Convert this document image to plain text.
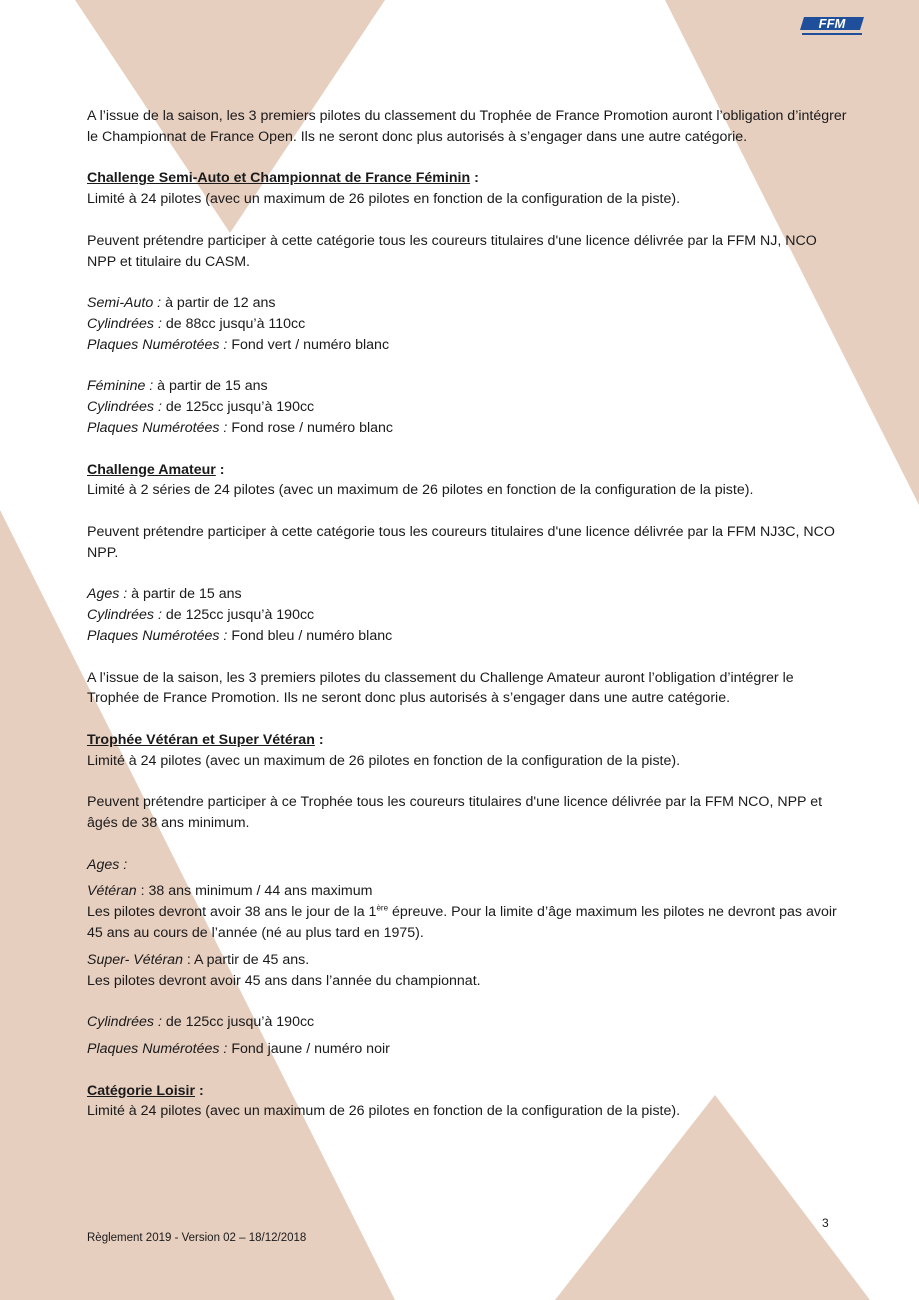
FFM

A l’issue de la saison, les 3 premiers pilotes du classement du Trophée de France Promotion auront l’obligation d’intégrer le Championnat de France Open. Ils ne seront donc plus autorisés à s’engager dans une autre catégorie.

Challenge Semi-Auto et Championnat de France Féminin :

Limité à 24 pilotes (avec un maximum de 26 pilotes en fonction de la configuration de la piste).

Peuvent prétendre participer à cette catégorie tous les coureurs titulaires d'une licence délivrée par la FFM NJ, NCO NPP et titulaire du CASM.

Semi-Auto : à partir de 12 ans

Cylindrées : de 88cc jusqu’à 110cc

Plaques Numérotées : Fond vert / numéro blanc

Féminine : à partir de 15 ans

Cylindrées : de 125cc jusqu’à 190cc

Plaques Numérotées : Fond rose / numéro blanc

Challenge Amateur :

Limité à 2 séries de 24 pilotes (avec un maximum de 26 pilotes en fonction de la configuration de la piste).

Peuvent prétendre participer à cette catégorie tous les coureurs titulaires d'une licence délivrée par la FFM NJ3C, NCO NPP.

Ages : à partir de 15 ans

Cylindrées : de 125cc jusqu’à 190cc

Plaques Numérotées : Fond bleu / numéro blanc

A l’issue de la saison, les 3 premiers pilotes du classement du Challenge Amateur auront l’obligation d’intégrer le Trophée de France Promotion. Ils ne seront donc plus autorisés à s’engager dans une autre catégorie.

Trophée Vétéran et Super Vétéran :

Limité à 24 pilotes (avec un maximum de 26 pilotes en fonction de la configuration de la piste).

Peuvent prétendre participer à ce Trophée tous les coureurs titulaires d'une licence délivrée par la FFM NCO, NPP et âgés de 38 ans minimum.

Ages :

Vétéran : 38 ans minimum / 44 ans maximum

Les pilotes devront avoir 38 ans le jour de la 1ère épreuve. Pour la limite d’âge maximum les pilotes ne devront pas avoir 45 ans au cours de l’année (né au plus tard en 1975).

Super- Vétéran : A partir de 45 ans.

Les pilotes devront avoir 45 ans dans l’année du championnat.

Cylindrées : de 125cc jusqu’à 190cc

Plaques Numérotées : Fond jaune / numéro noir

Catégorie Loisir :

Limité à 24 pilotes (avec un maximum de 26 pilotes en fonction de la configuration de la piste).

3
Règlement 2019 - Version 02 – 18/12/2018
